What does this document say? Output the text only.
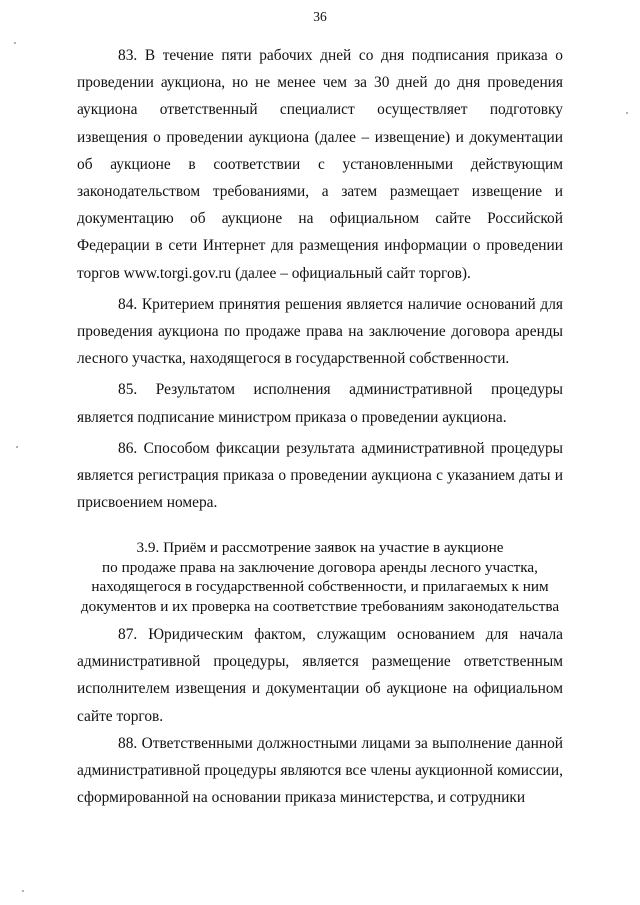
36

83. В течение пяти рабочих дней со дня подписания приказа о проведении аукциона, но не менее чем за 30 дней до дня проведения аукциона ответственный специалист осуществляет подготовку извещения о проведении аукциона (далее – извещение) и документации об аукционе в соответствии с установленными действующим законодательством требованиями, а затем размещает извещение и документацию об аукционе на официальном сайте Российской Федерации в сети Интернет для размещения информации о проведении торгов www.torgi.gov.ru (далее – официальный сайт торгов).

84. Критерием принятия решения является наличие оснований для проведения аукциона по продаже права на заключение договора аренды лесного участка, находящегося в государственной собственности.

85. Результатом исполнения административной процедуры является подписание министром приказа о проведении аукциона.

86. Способом фиксации результата административной процедуры является регистрация приказа о проведении аукциона с указанием даты и присвоением номера.

3.9. Приём и рассмотрение заявок на участие в аукционе
по продаже права на заключение договора аренды лесного участка,
находящегося в государственной собственности, и прилагаемых к ним
документов и их проверка на соответствие требованиям законодательства

87. Юридическим фактом, служащим основанием для начала административной процедуры, является размещение ответственным исполнителем извещения и документации об аукционе на официальном сайте торгов.

88. Ответственными должностными лицами за выполнение данной административной процедуры являются все члены аукционной комиссии, сформированной на основании приказа министерства, и сотрудники
